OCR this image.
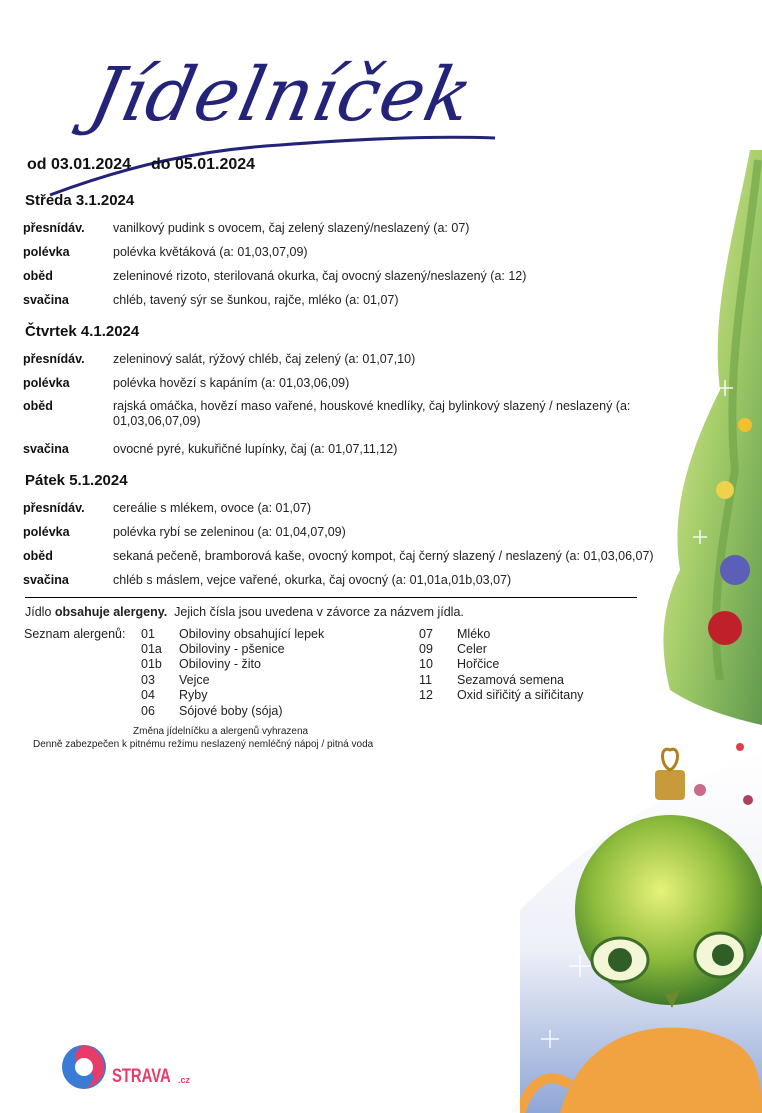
Jídelníček
od 03.01.2024 do 05.01.2024
Středa 3.1.2024
přesnídáv. vanilkový pudink s ovocem, čaj zelený slazený/neslazený (a: 07)
polévka	polévka květáková (a: 01,03,07,09)
oběd	zeleninové rizoto, sterilovaná okurka, čaj ovocný slazený/neslazený (a: 12)
svačina	chléb, tavený sýr se šunkou, rajče, mléko (a: 01,07)
Čtvrtek 4.1.2024
přesnídáv. zeleninový salát, rýžový chléb, čaj zelený (a: 01,07,10)
polévka	polévka hovězí s kapáním (a: 01,03,06,09)
oběd	rajská omáčka, hovězí maso vařené, houskové knedlíky, čaj bylinkový slazený / neslazený (a: 01,03,06,07,09)
svačina	ovocné pyré, kukuřičné lupínky, čaj (a: 01,07,11,12)
Pátek 5.1.2024
přesnídáv. cereálie s mlékem, ovoce (a: 01,07)
polévka	polévka rybí se zeleninou (a: 01,04,07,09)
oběd	sekaná pečeně, bramborová kaše, ovocný kompot, čaj černý slazený / neslazený (a: 01,03,06,07)
svačina	chléb s máslem, vejce vařené, okurka, čaj ovocný (a: 01,01a,01b,03,07)
Jídlo obsahuje alergeny. Jejich čísla jsou uvedena v závorce za názvem jídla.
Seznam alergenů: 01 Obiloviny obsahující lepek
01a Obiloviny - pšenice
01b Obiloviny - žito
03 Vejce
04 Ryby
06 Sójové boby (sója)
07 Mléko
09 Celer
10 Hořčice
11 Sezamová semena
12 Oxid siřičitý a siřičitany
Změna jídelníčku a alergenů vyhrazena
Denně zabezpečen k pitnému režimu neslazený nemléčný nápoj / pitná voda
STRAVA .cz
